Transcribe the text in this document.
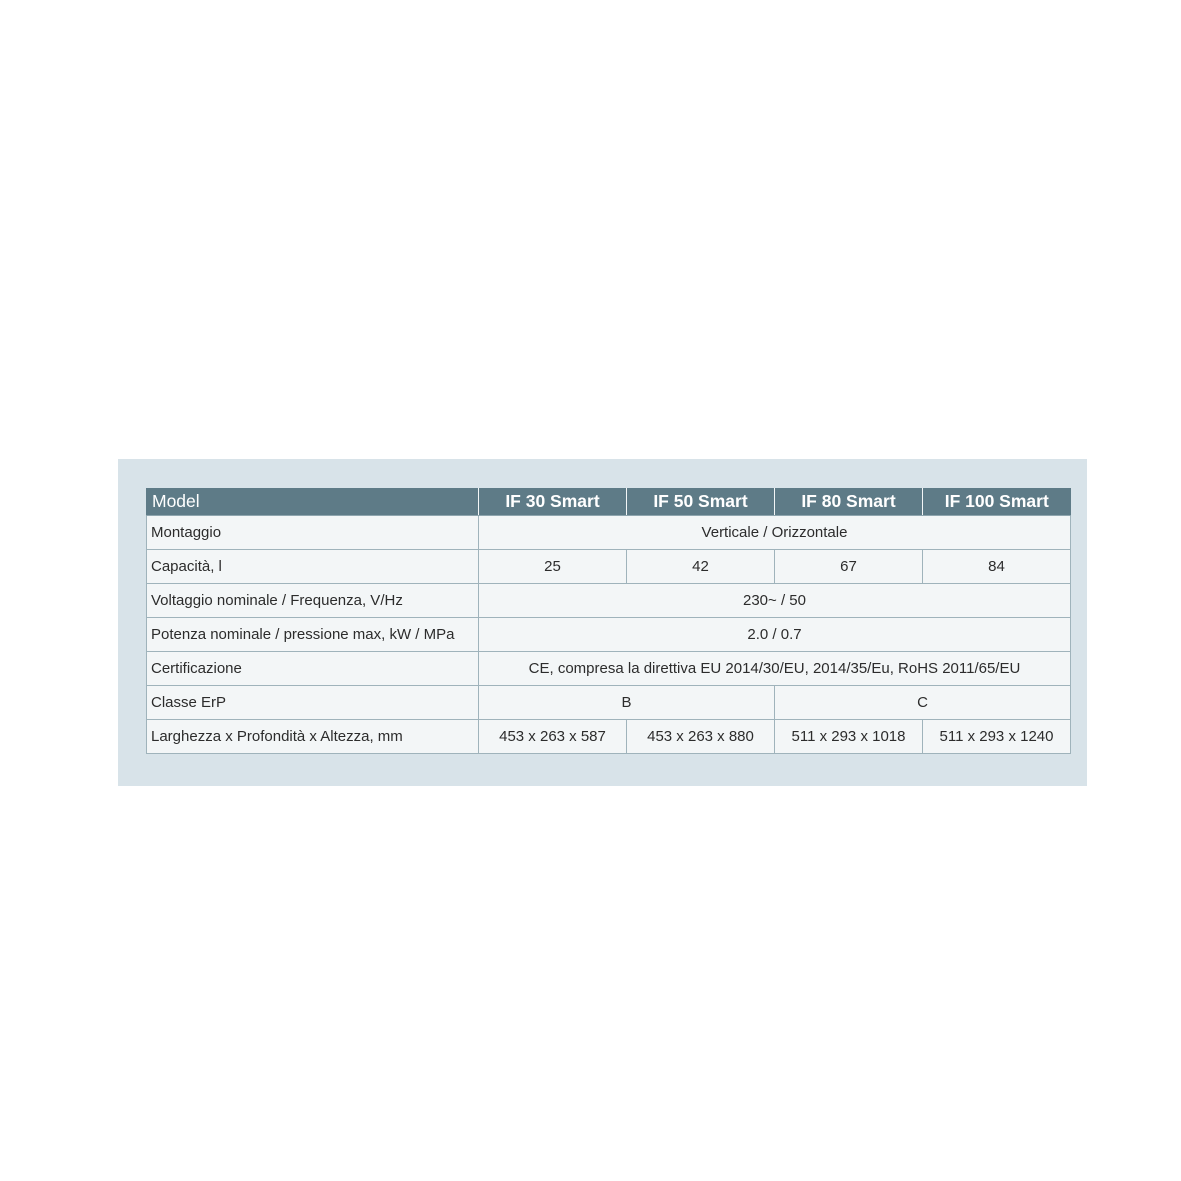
Model	IF 30 Smart	IF 50 Smart	IF 80 Smart	IF 100 Smart
Montaggio	Verticale / Orizzontale			
Capacità, l	25	42	67	84
Voltaggio nominale / Frequenza, V/Hz	230~ / 50			
Potenza nominale / pressione max, kW / MPa	2.0 / 0.7			
Certificazione	CE, compresa la direttiva EU 2014/30/EU, 2014/35/Eu, RoHS 2011/65/EU			
Classe ErP	B		C	
Larghezza x Profondità x Altezza, mm	453 x 263 x 587	453 x 263 x 880	511 x 293 x 1018	511 x 293 x 1240
